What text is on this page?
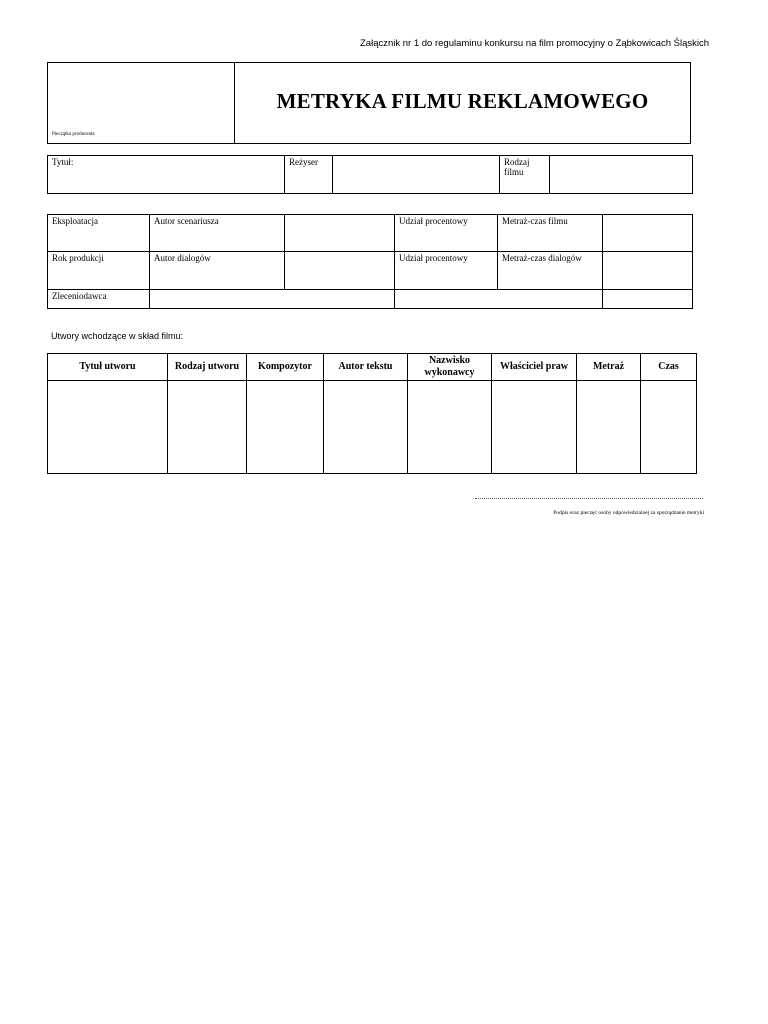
Załącznik nr 1 do regulaminu konkursu na film promocyjny o Ząbkowicach Śląskich
Pieczątka producenta
METRYKA FILMU REKLAMOWEGO
Tytuł:	Reżyser		Rodzaj filmu	
Eksploatacja	Autor scenariusza		Udział procentowy	Metraż-czas filmu	
Rok produkcji	Autor dialogów		Udział procentowy	Metraż-czas dialogów	
Zleceniodawca					
Utwory wchodzące w skład filmu:
Tytuł utworu	Rodzaj utworu	Kompozytor	Autor tekstu	Nazwisko wykonawcy	Właściciel praw	Metraż	Czas

Podpis oraz pieczęć osoby odpowiedzialnej za sporządzanie metryki
